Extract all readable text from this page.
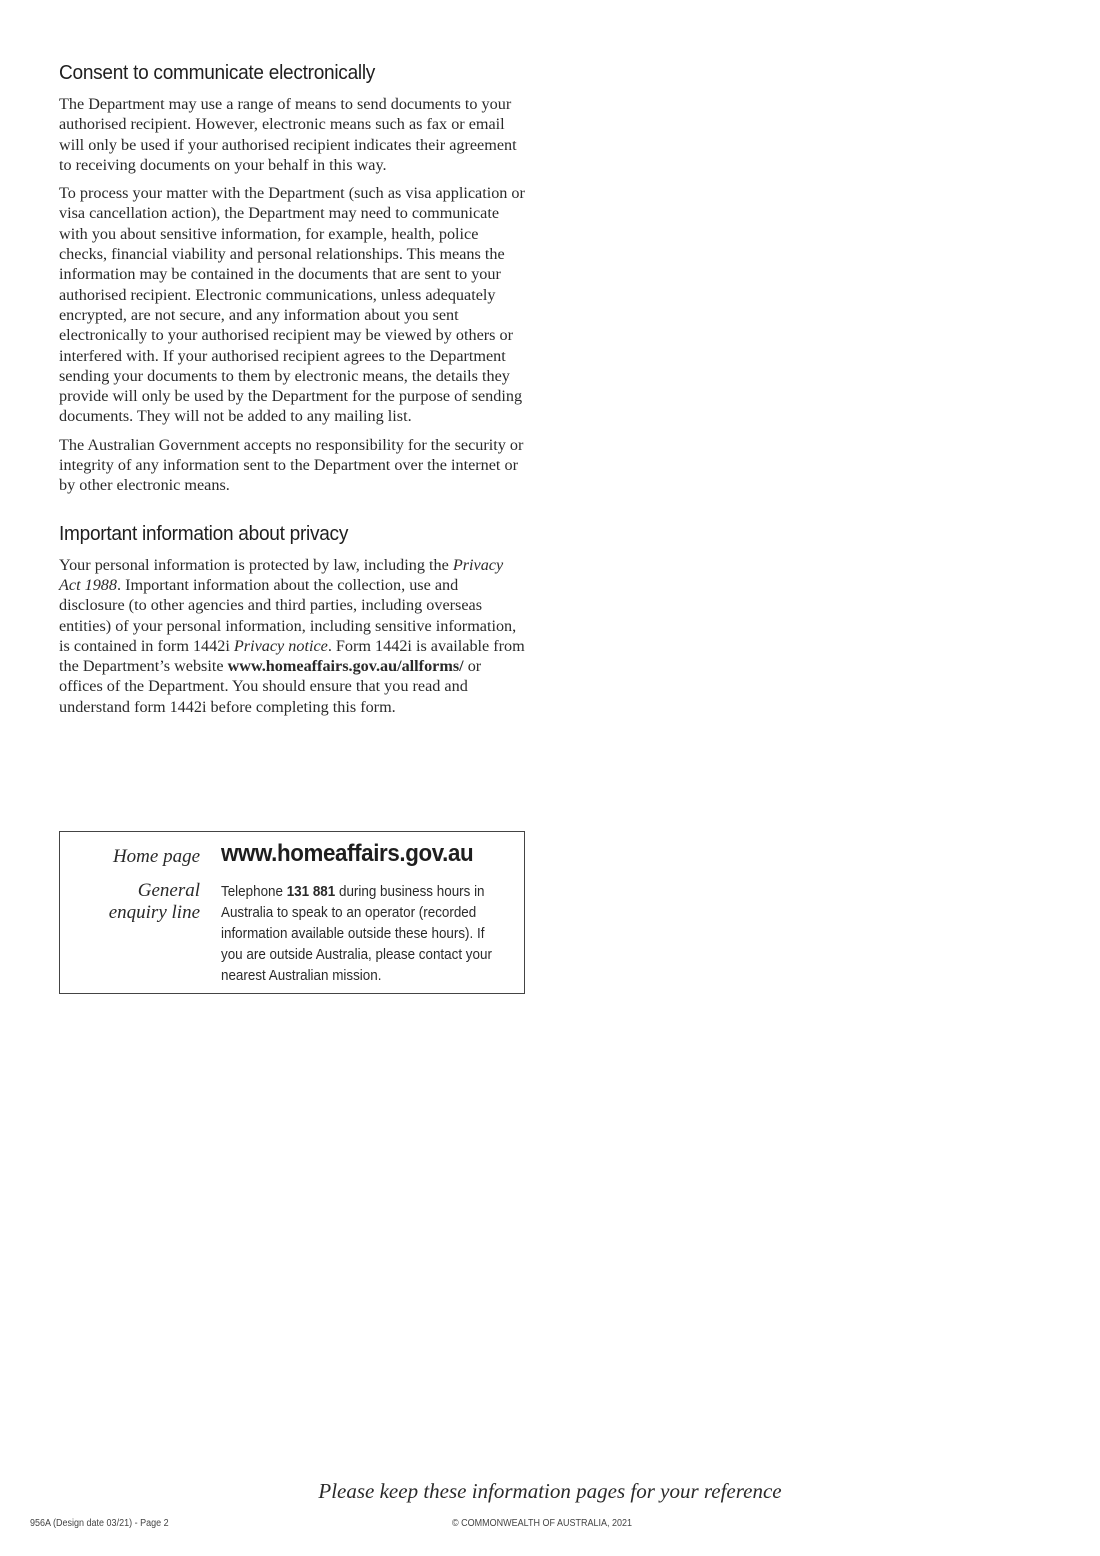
Consent to communicate electronically

The Department may use a range of means to send documents to your authorised recipient. However, electronic means such as fax or email will only be used if your authorised recipient indicates their agreement to receiving documents on your behalf in this way.

To process your matter with the Department (such as visa application or visa cancellation action), the Department may need to communicate with you about sensitive information, for example, health, police checks, financial viability and personal relationships. This means the information may be contained in the documents that are sent to your authorised recipient. Electronic communications, unless adequately encrypted, are not secure, and any information about you sent electronically to your authorised recipient may be viewed by others or interfered with. If your authorised recipient agrees to the Department sending your documents to them by electronic means, the details they provide will only be used by the Department for the purpose of sending documents. They will not be added to any mailing list.

The Australian Government accepts no responsibility for the security or integrity of any information sent to the Department over the internet or by other electronic means.

Important information about privacy

Your personal information is protected by law, including the Privacy Act 1988. Important information about the collection, use and disclosure (to other agencies and third parties, including overseas entities) of your personal information, including sensitive information, is contained in form 1442i Privacy notice. Form 1442i is available from the Department’s website www.homeaffairs.gov.au/allforms/ or offices of the Department. You should ensure that you read and understand form 1442i before completing this form.

Home page www.homeaffairs.gov.au
General
enquiry line
Telephone 131 881 during business hours in Australia to speak to an operator (recorded information available outside these hours). If you are outside Australia, please contact your nearest Australian mission.
Please keep these information pages for your reference
956A (Design date 03/21) - Page 2	© COMMONWEALTH OF AUSTRALIA, 2021
